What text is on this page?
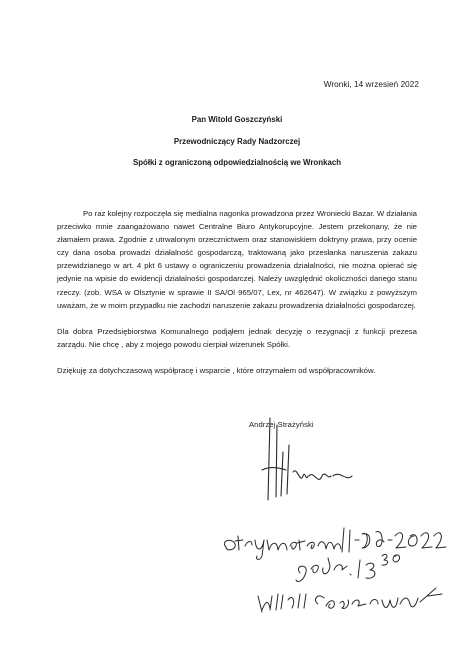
Wronki, 14 wrzesień 2022
Pan Witold Goszczyński
Przewodniczący Rady Nadzorczej
Spółki z ograniczoną odpowiedzialnością we Wronkach

Po raz kolejny rozpoczęła się medialna nagonka prowadzona przez Wroniecki Bazar. W działania przeciwko mnie zaangażowano nawet Centralne Biuro Antykorupcyjne. Jestem przekonany, że nie złamałem prawa. Zgodnie z utrwalonym orzecznictwem oraz stanowiskiem doktryny prawa, przy ocenie czy dana osoba prowadzi działalność gospodarczą, traktowaną jako przesłanka naruszenia zakazu przewidzianego w art. 4 pkt 6 ustawy o ograniczeniu prowadzenia działalności, nie można opierać się jedynie na wpisie do ewidencji działalności gospodarczej. Należy uwzględnić okoliczności danego stanu rzeczy. (zob. WSA w Olsztynie w sprawie II SA/Ol 965/07, Lex, nr 462647). W związku z powyższym uważam, że w moim przypadku nie zachodzi naruszenie zakazu prowadzenia działalności gospodarczej.

Dla dobra Przedsiębiorstwa Komunalnego podjąłem jednak decyzję o rezygnacji z funkcji prezesa zarządu. Nie chcę , aby z mojego powodu cierpiał wizerunek Spółki.

Dziękuję za dotychczasową współpracę i wsparcie , które otrzymałem od współpracowników.

Andrzej Strażyński
